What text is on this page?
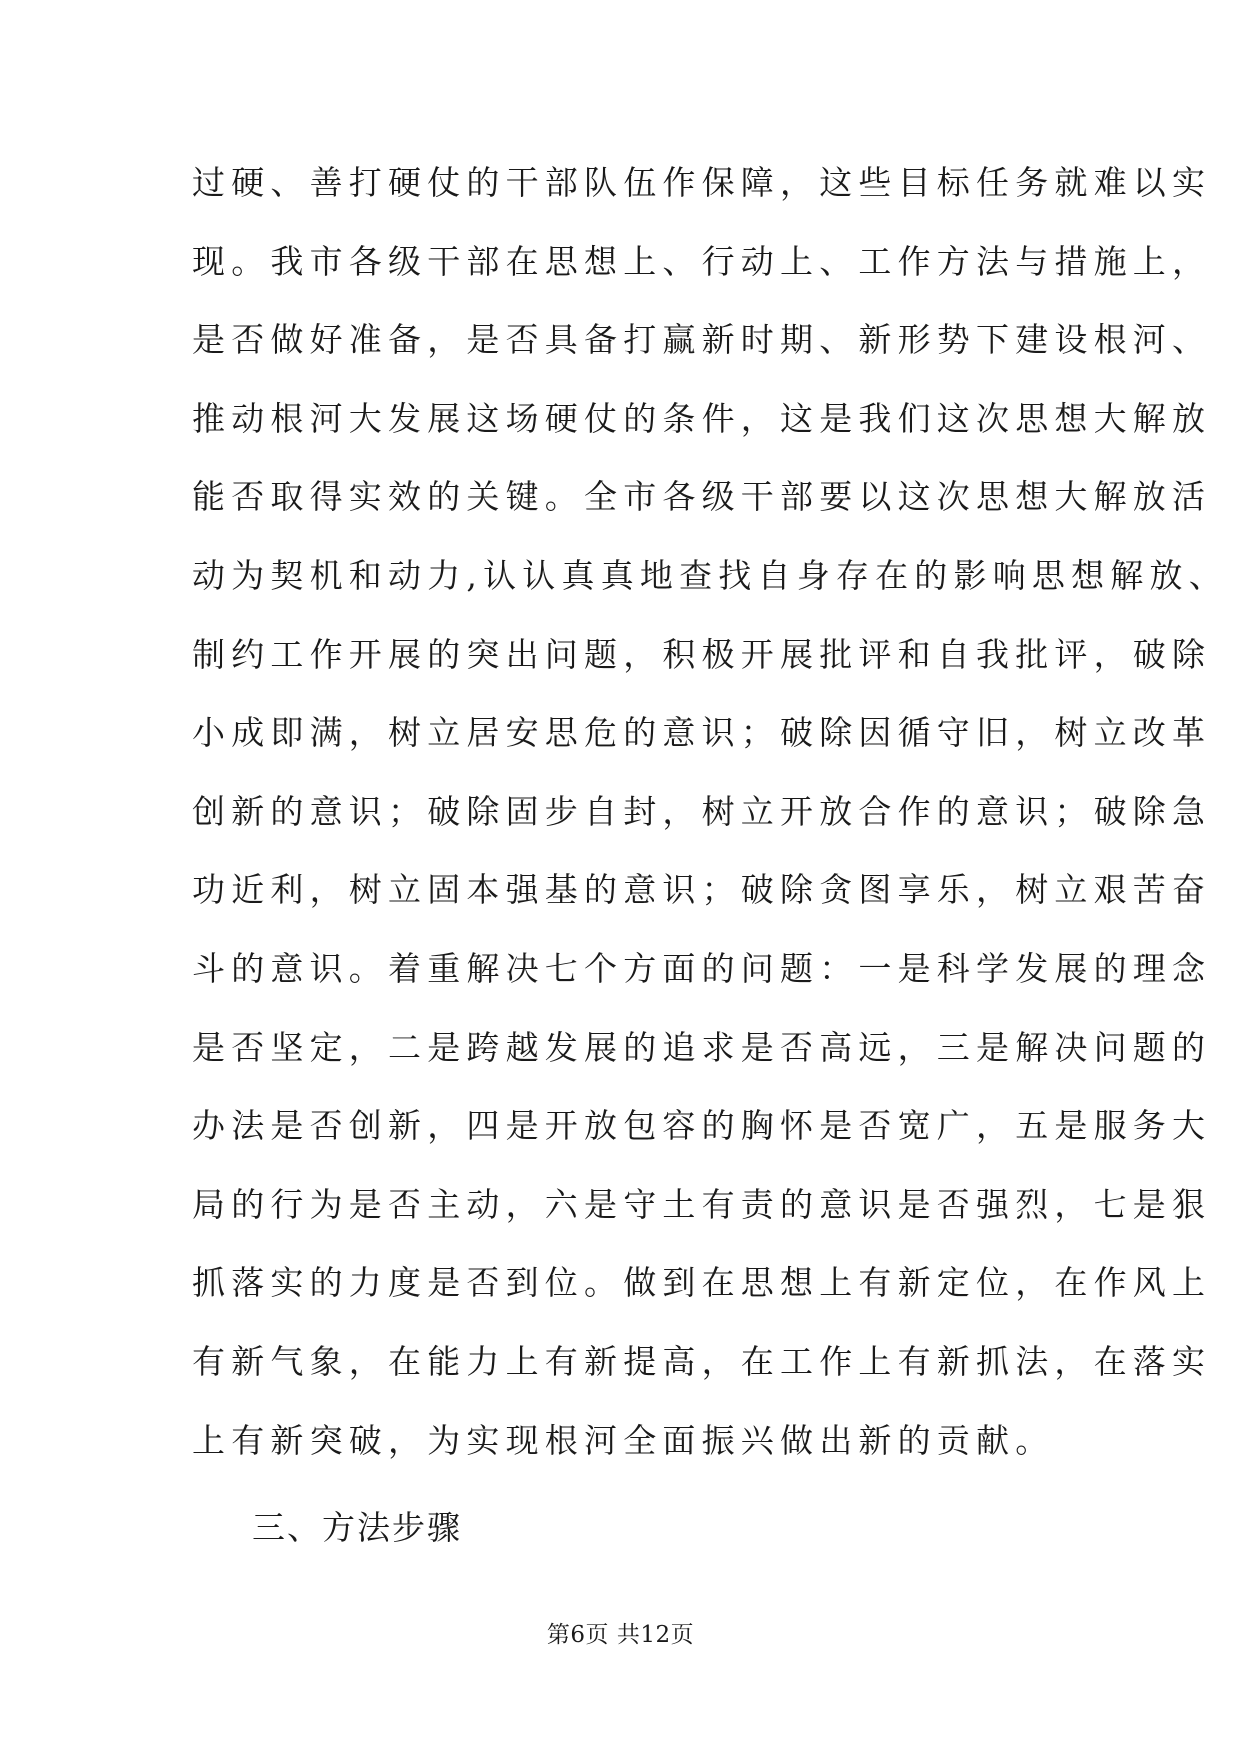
过硬、善打硬仗的干部队伍作保障，这些目标任务就难以实
现。我市各级干部在思想上、行动上、工作方法与措施上，
是否做好准备，是否具备打赢新时期、新形势下建设根河、
推动根河大发展这场硬仗的条件，这是我们这次思想大解放
能否取得实效的关键。全市各级干部要以这次思想大解放活
动为契机和动力,认认真真地查找自身存在的影响思想解放、
制约工作开展的突出问题，积极开展批评和自我批评，破除
小成即满，树立居安思危的意识；破除因循守旧，树立改革
创新的意识；破除固步自封，树立开放合作的意识；破除急
功近利，树立固本强基的意识；破除贪图享乐，树立艰苦奋
斗的意识。着重解决七个方面的问题：一是科学发展的理念
是否坚定，二是跨越发展的追求是否高远，三是解决问题的
办法是否创新，四是开放包容的胸怀是否宽广，五是服务大
局的行为是否主动，六是守土有责的意识是否强烈，七是狠
抓落实的力度是否到位。做到在思想上有新定位，在作风上
有新气象，在能力上有新提高，在工作上有新抓法，在落实
上有新突破，为实现根河全面振兴做出新的贡献。
三、方法步骤
第6页 共12页
